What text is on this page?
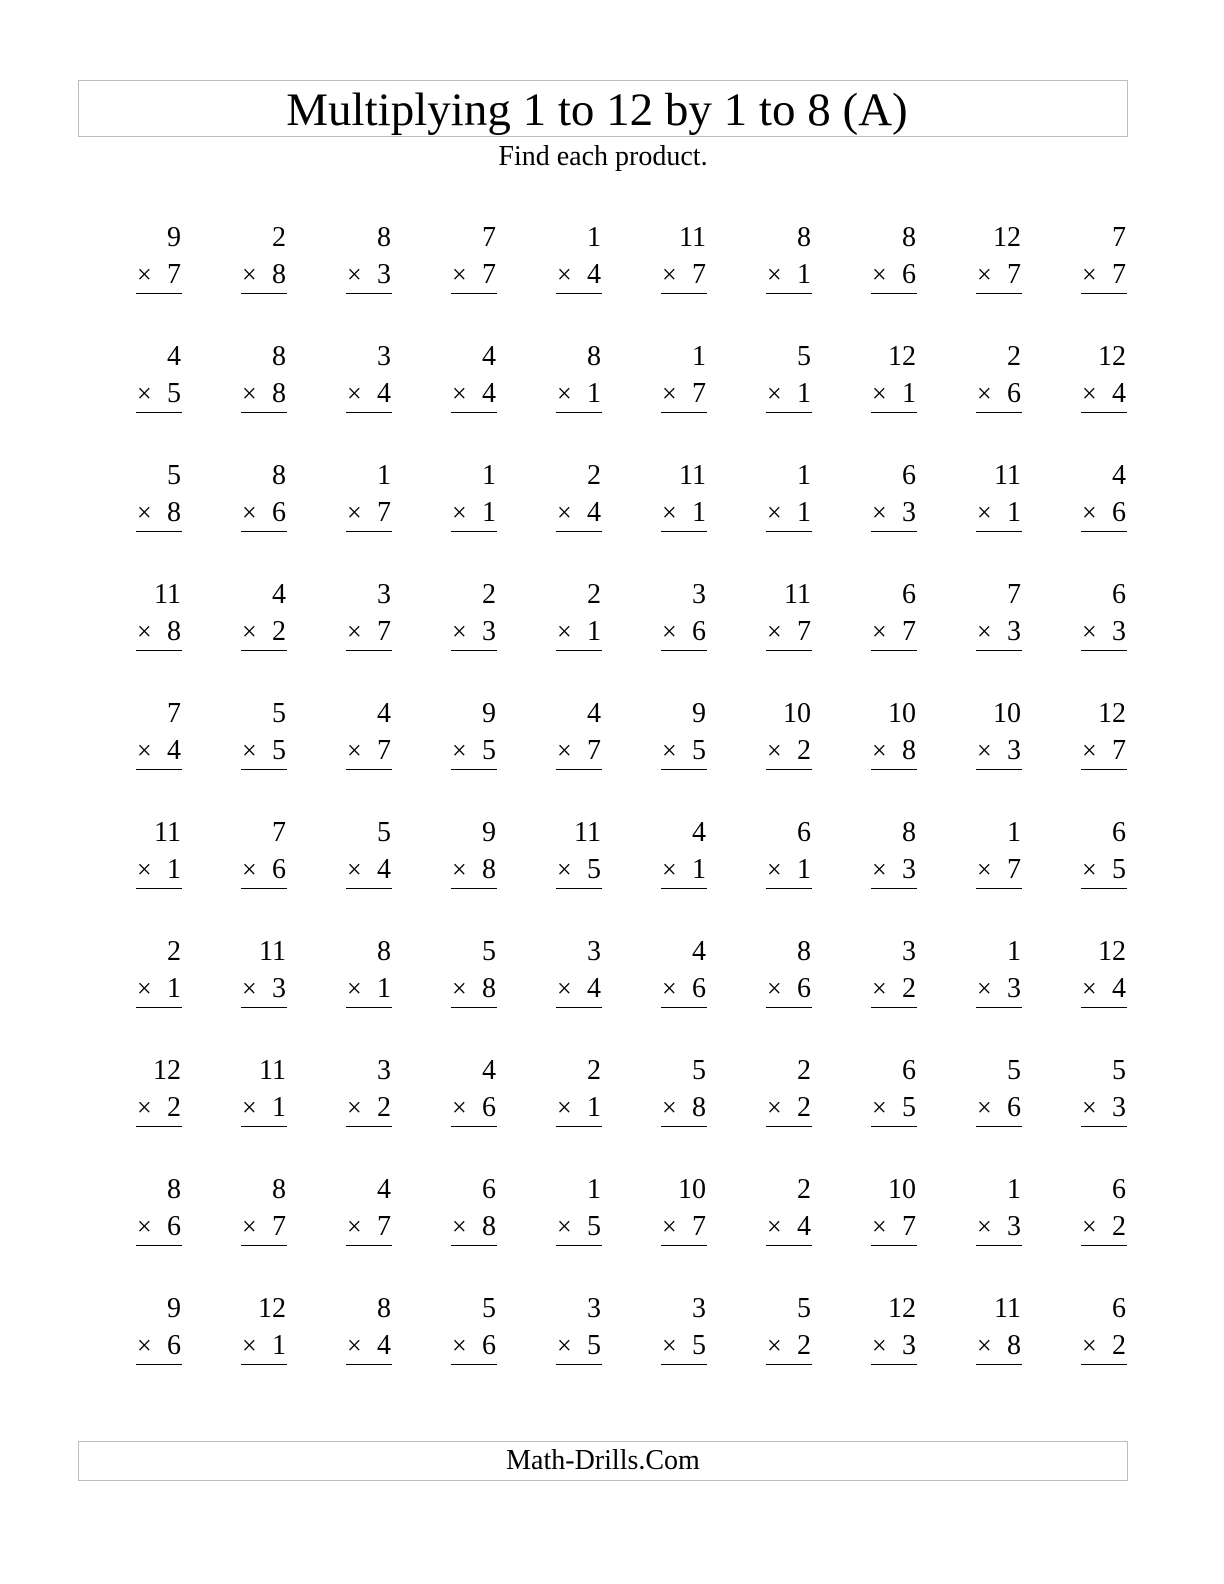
Multiplying 1 to 12 by 1 to 8 (A)
Find each product.
9
× 7
2
× 8
8
× 3
7
× 7
1
× 4
11
× 7
8
× 1
8
× 6
12
× 7
7
× 7
4
× 5
8
× 8
3
× 4
4
× 4
8
× 1
1
× 7
5
× 1
12
× 1
2
× 6
12
× 4
5
× 8
8
× 6
1
× 7
1
× 1
2
× 4
11
× 1
1
× 1
6
× 3
11
× 1
4
× 6
11
× 8
4
× 2
3
× 7
2
× 3
2
× 1
3
× 6
11
× 7
6
× 7
7
× 3
6
× 3
7
× 4
5
× 5
4
× 7
9
× 5
4
× 7
9
× 5
10
× 2
10
× 8
10
× 3
12
× 7
11
× 1
7
× 6
5
× 4
9
× 8
11
× 5
4
× 1
6
× 1
8
× 3
1
× 7
6
× 5
2
× 1
11
× 3
8
× 1
5
× 8
3
× 4
4
× 6
8
× 6
3
× 2
1
× 3
12
× 4
12
× 2
11
× 1
3
× 2
4
× 6
2
× 1
5
× 8
2
× 2
6
× 5
5
× 6
5
× 3
8
× 6
8
× 7
4
× 7
6
× 8
1
× 5
10
× 7
2
× 4
10
× 7
1
× 3
6
× 2
9
× 6
12
× 1
8
× 4
5
× 6
3
× 5
3
× 5
5
× 2
12
× 3
11
× 8
6
× 2
Math-Drills.Com
